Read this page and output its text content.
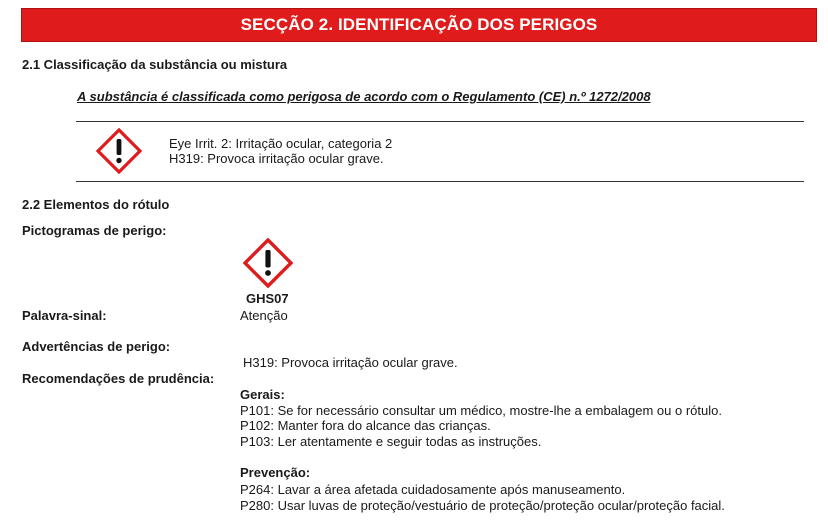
SECÇÃO 2. IDENTIFICAÇÃO DOS PERIGOS
2.1 Classificação da substância ou mistura
A substância é classificada como perigosa de acordo com o Regulamento (CE) n.º 1272/2008
Eye Irrit. 2: Irritação ocular, categoria 2
H319: Provoca irritação ocular grave.
2.2 Elementos do rótulo
Pictogramas de perigo:
GHS07
Palavra-sinal:	Atenção
Advertências de perigo:
H319: Provoca irritação ocular grave.
Recomendações de prudência:
Gerais:
P101: Se for necessário consultar um médico, mostre-lhe a embalagem ou o rótulo.
P102: Manter fora do alcance das crianças.
P103: Ler atentamente e seguir todas as instruções.
Prevenção:
P264: Lavar a área afetada cuidadosamente após manuseamento.
P280: Usar luvas de proteção/vestuário de proteção/proteção ocular/proteção facial.
